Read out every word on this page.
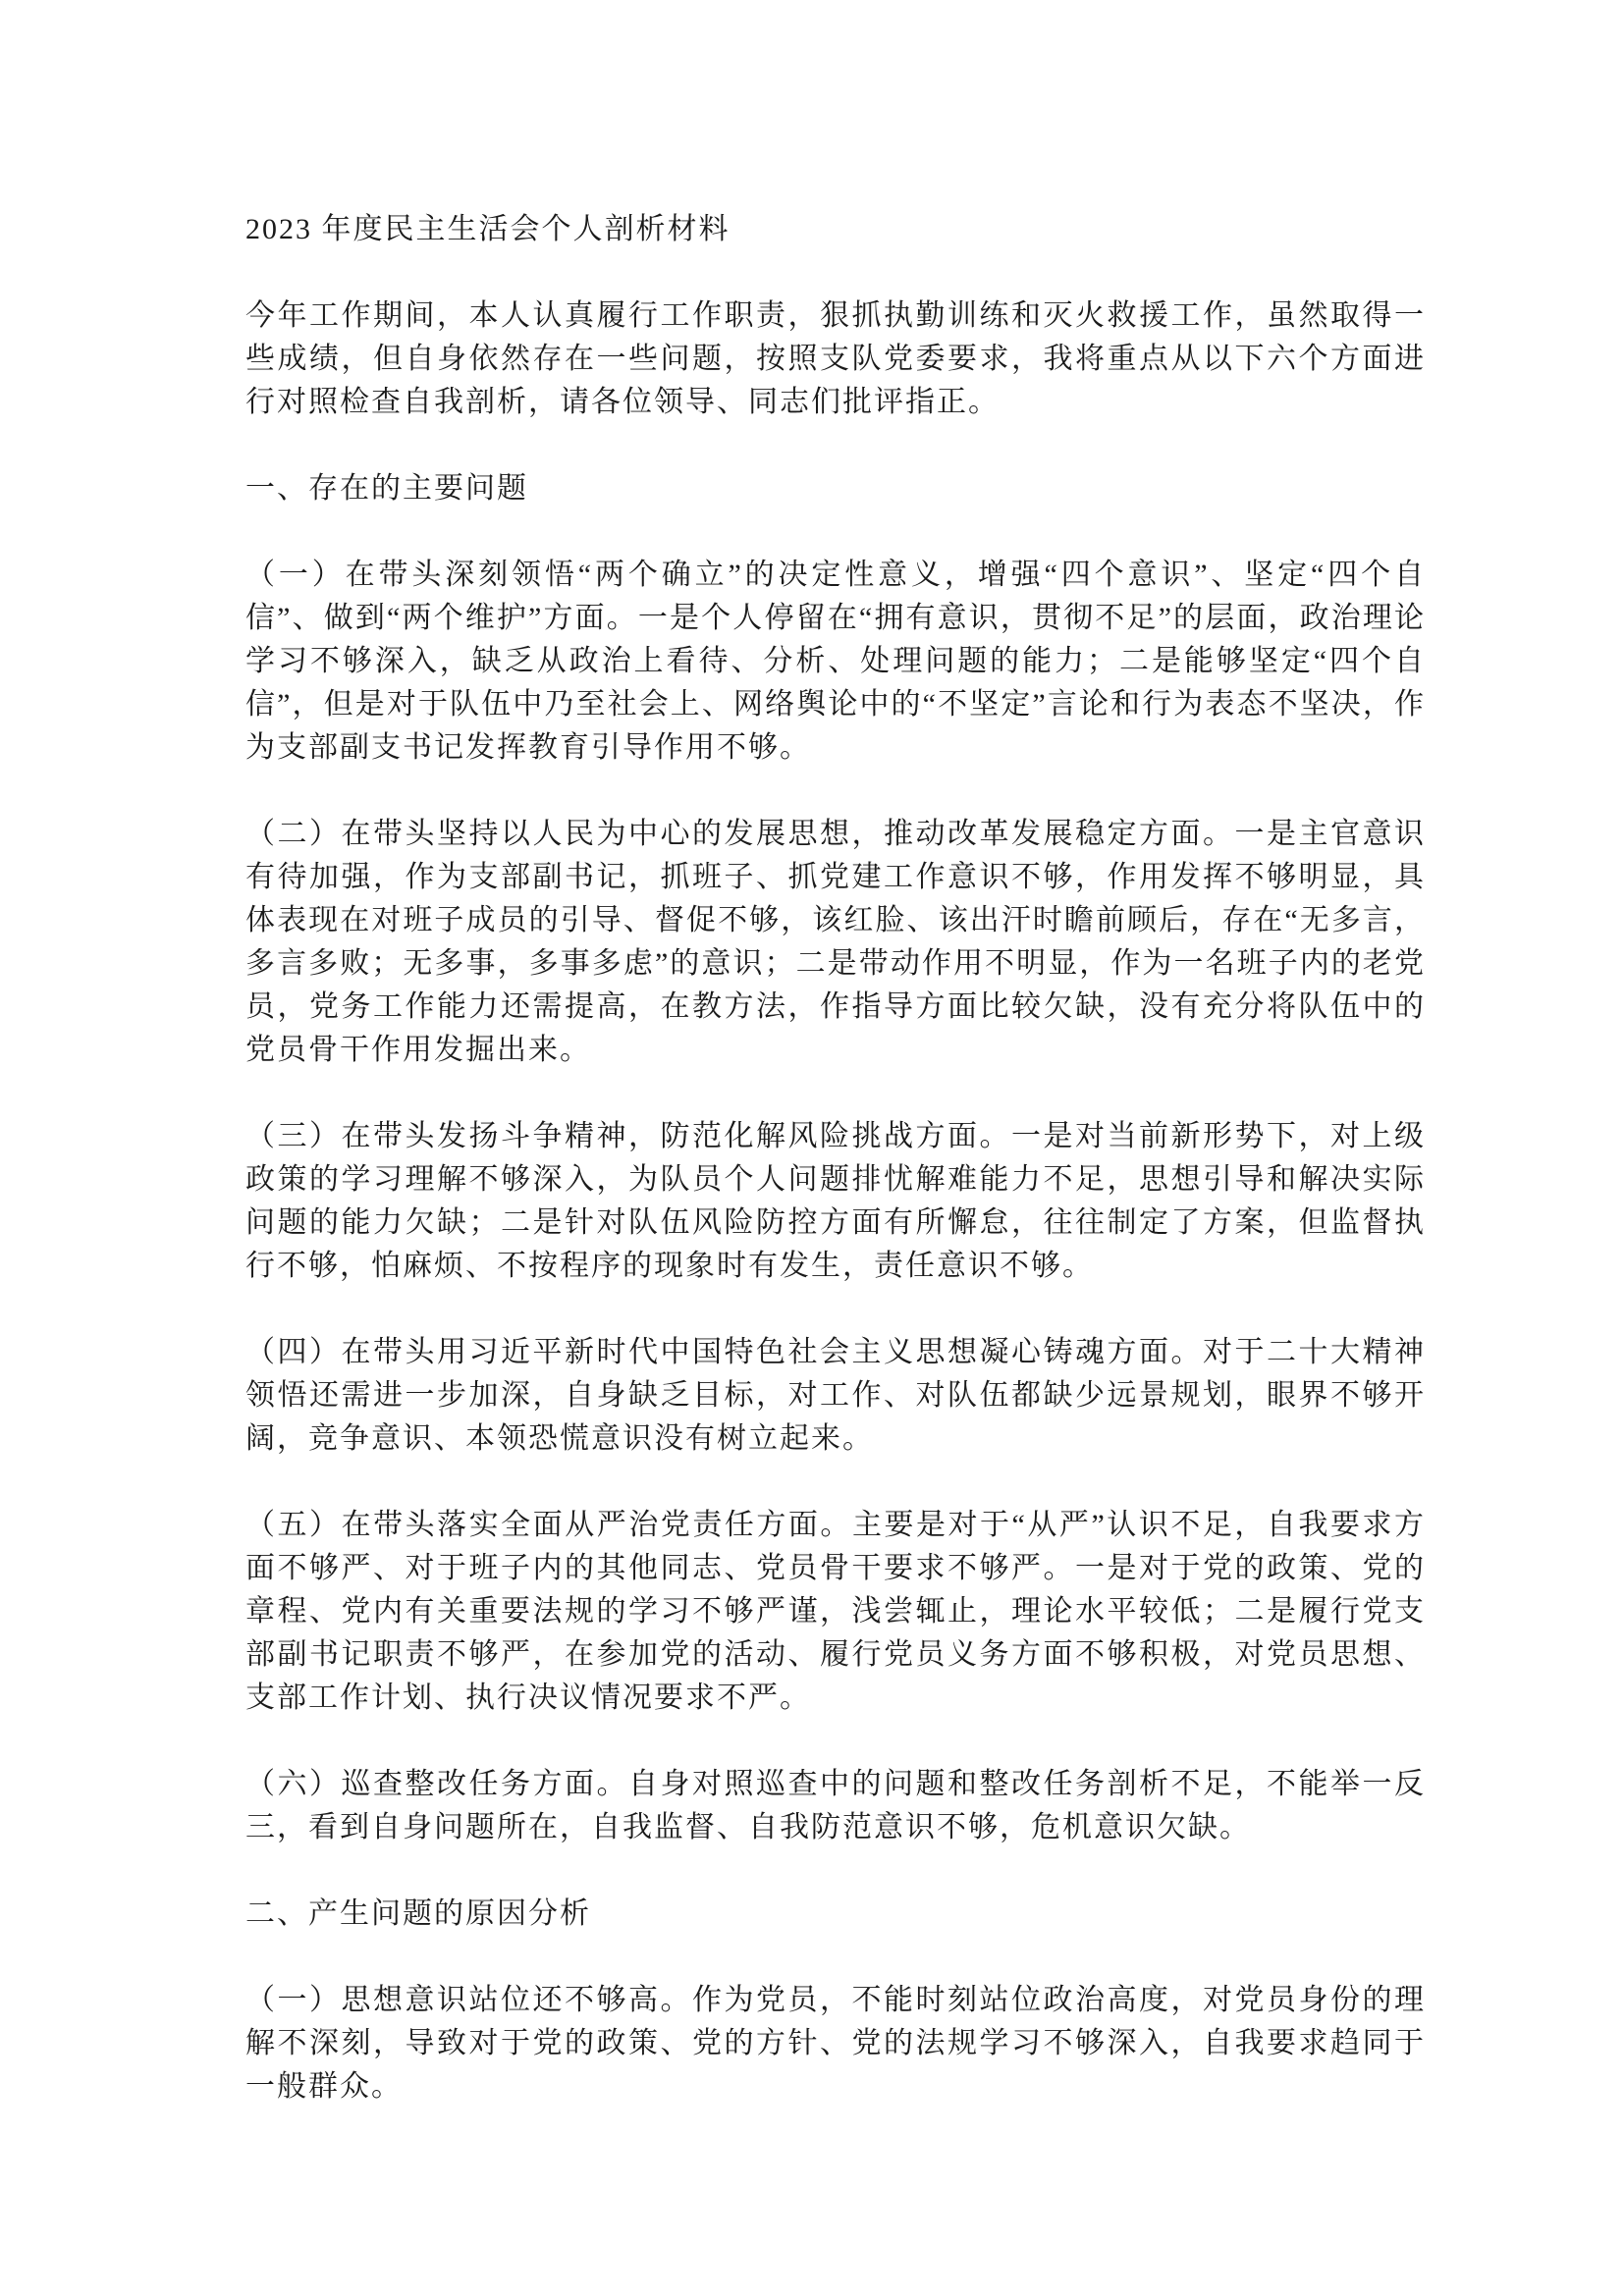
2023 年度民主生活会个人剖析材料
今年工作期间，本人认真履行工作职责，狠抓执勤训练和灭火救援工作，虽然取得一些成绩，但自身依然存在一些问题，按照支队党委要求，我将重点从以下六个方面进行对照检查自我剖析，请各位领导、同志们批评指正。
一、存在的主要问题
（一）在带头深刻领悟“两个确立”的决定性意义，增强“四个意识”、坚定“四个自信”、做到“两个维护”方面。一是个人停留在“拥有意识，贯彻不足”的层面，政治理论学习不够深入，缺乏从政治上看待、分析、处理问题的能力；二是能够坚定“四个自信”，但是对于队伍中乃至社会上、网络舆论中的“不坚定”言论和行为表态不坚决，作为支部副支书记发挥教育引导作用不够。
（二）在带头坚持以人民为中心的发展思想，推动改革发展稳定方面。一是主官意识有待加强，作为支部副书记，抓班子、抓党建工作意识不够，作用发挥不够明显，具体表现在对班子成员的引导、督促不够，该红脸、该出汗时瞻前顾后，存在“无多言，多言多败；无多事，多事多虑”的意识；二是带动作用不明显，作为一名班子内的老党员，党务工作能力还需提高，在教方法，作指导方面比较欠缺，没有充分将队伍中的党员骨干作用发掘出来。
（三）在带头发扬斗争精神，防范化解风险挑战方面。一是对当前新形势下，对上级政策的学习理解不够深入，为队员个人问题排忧解难能力不足，思想引导和解决实际问题的能力欠缺；二是针对队伍风险防控方面有所懈怠，往往制定了方案，但监督执行不够，怕麻烦、不按程序的现象时有发生，责任意识不够。
（四）在带头用习近平新时代中国特色社会主义思想凝心铸魂方面。对于二十大精神领悟还需进一步加深，自身缺乏目标，对工作、对队伍都缺少远景规划，眼界不够开阔，竞争意识、本领恐慌意识没有树立起来。
（五）在带头落实全面从严治党责任方面。主要是对于“从严”认识不足，自我要求方面不够严、对于班子内的其他同志、党员骨干要求不够严。一是对于党的政策、党的章程、党内有关重要法规的学习不够严谨，浅尝辄止，理论水平较低；二是履行党支部副书记职责不够严，在参加党的活动、履行党员义务方面不够积极，对党员思想、支部工作计划、执行决议情况要求不严。
（六）巡查整改任务方面。自身对照巡查中的问题和整改任务剖析不足，不能举一反三，看到自身问题所在，自我监督、自我防范意识不够，危机意识欠缺。
二、产生问题的原因分析
（一）思想意识站位还不够高。作为党员，不能时刻站位政治高度，对党员身份的理解不深刻，导致对于党的政策、党的方针、党的法规学习不够深入，自我要求趋同于一般群众。
